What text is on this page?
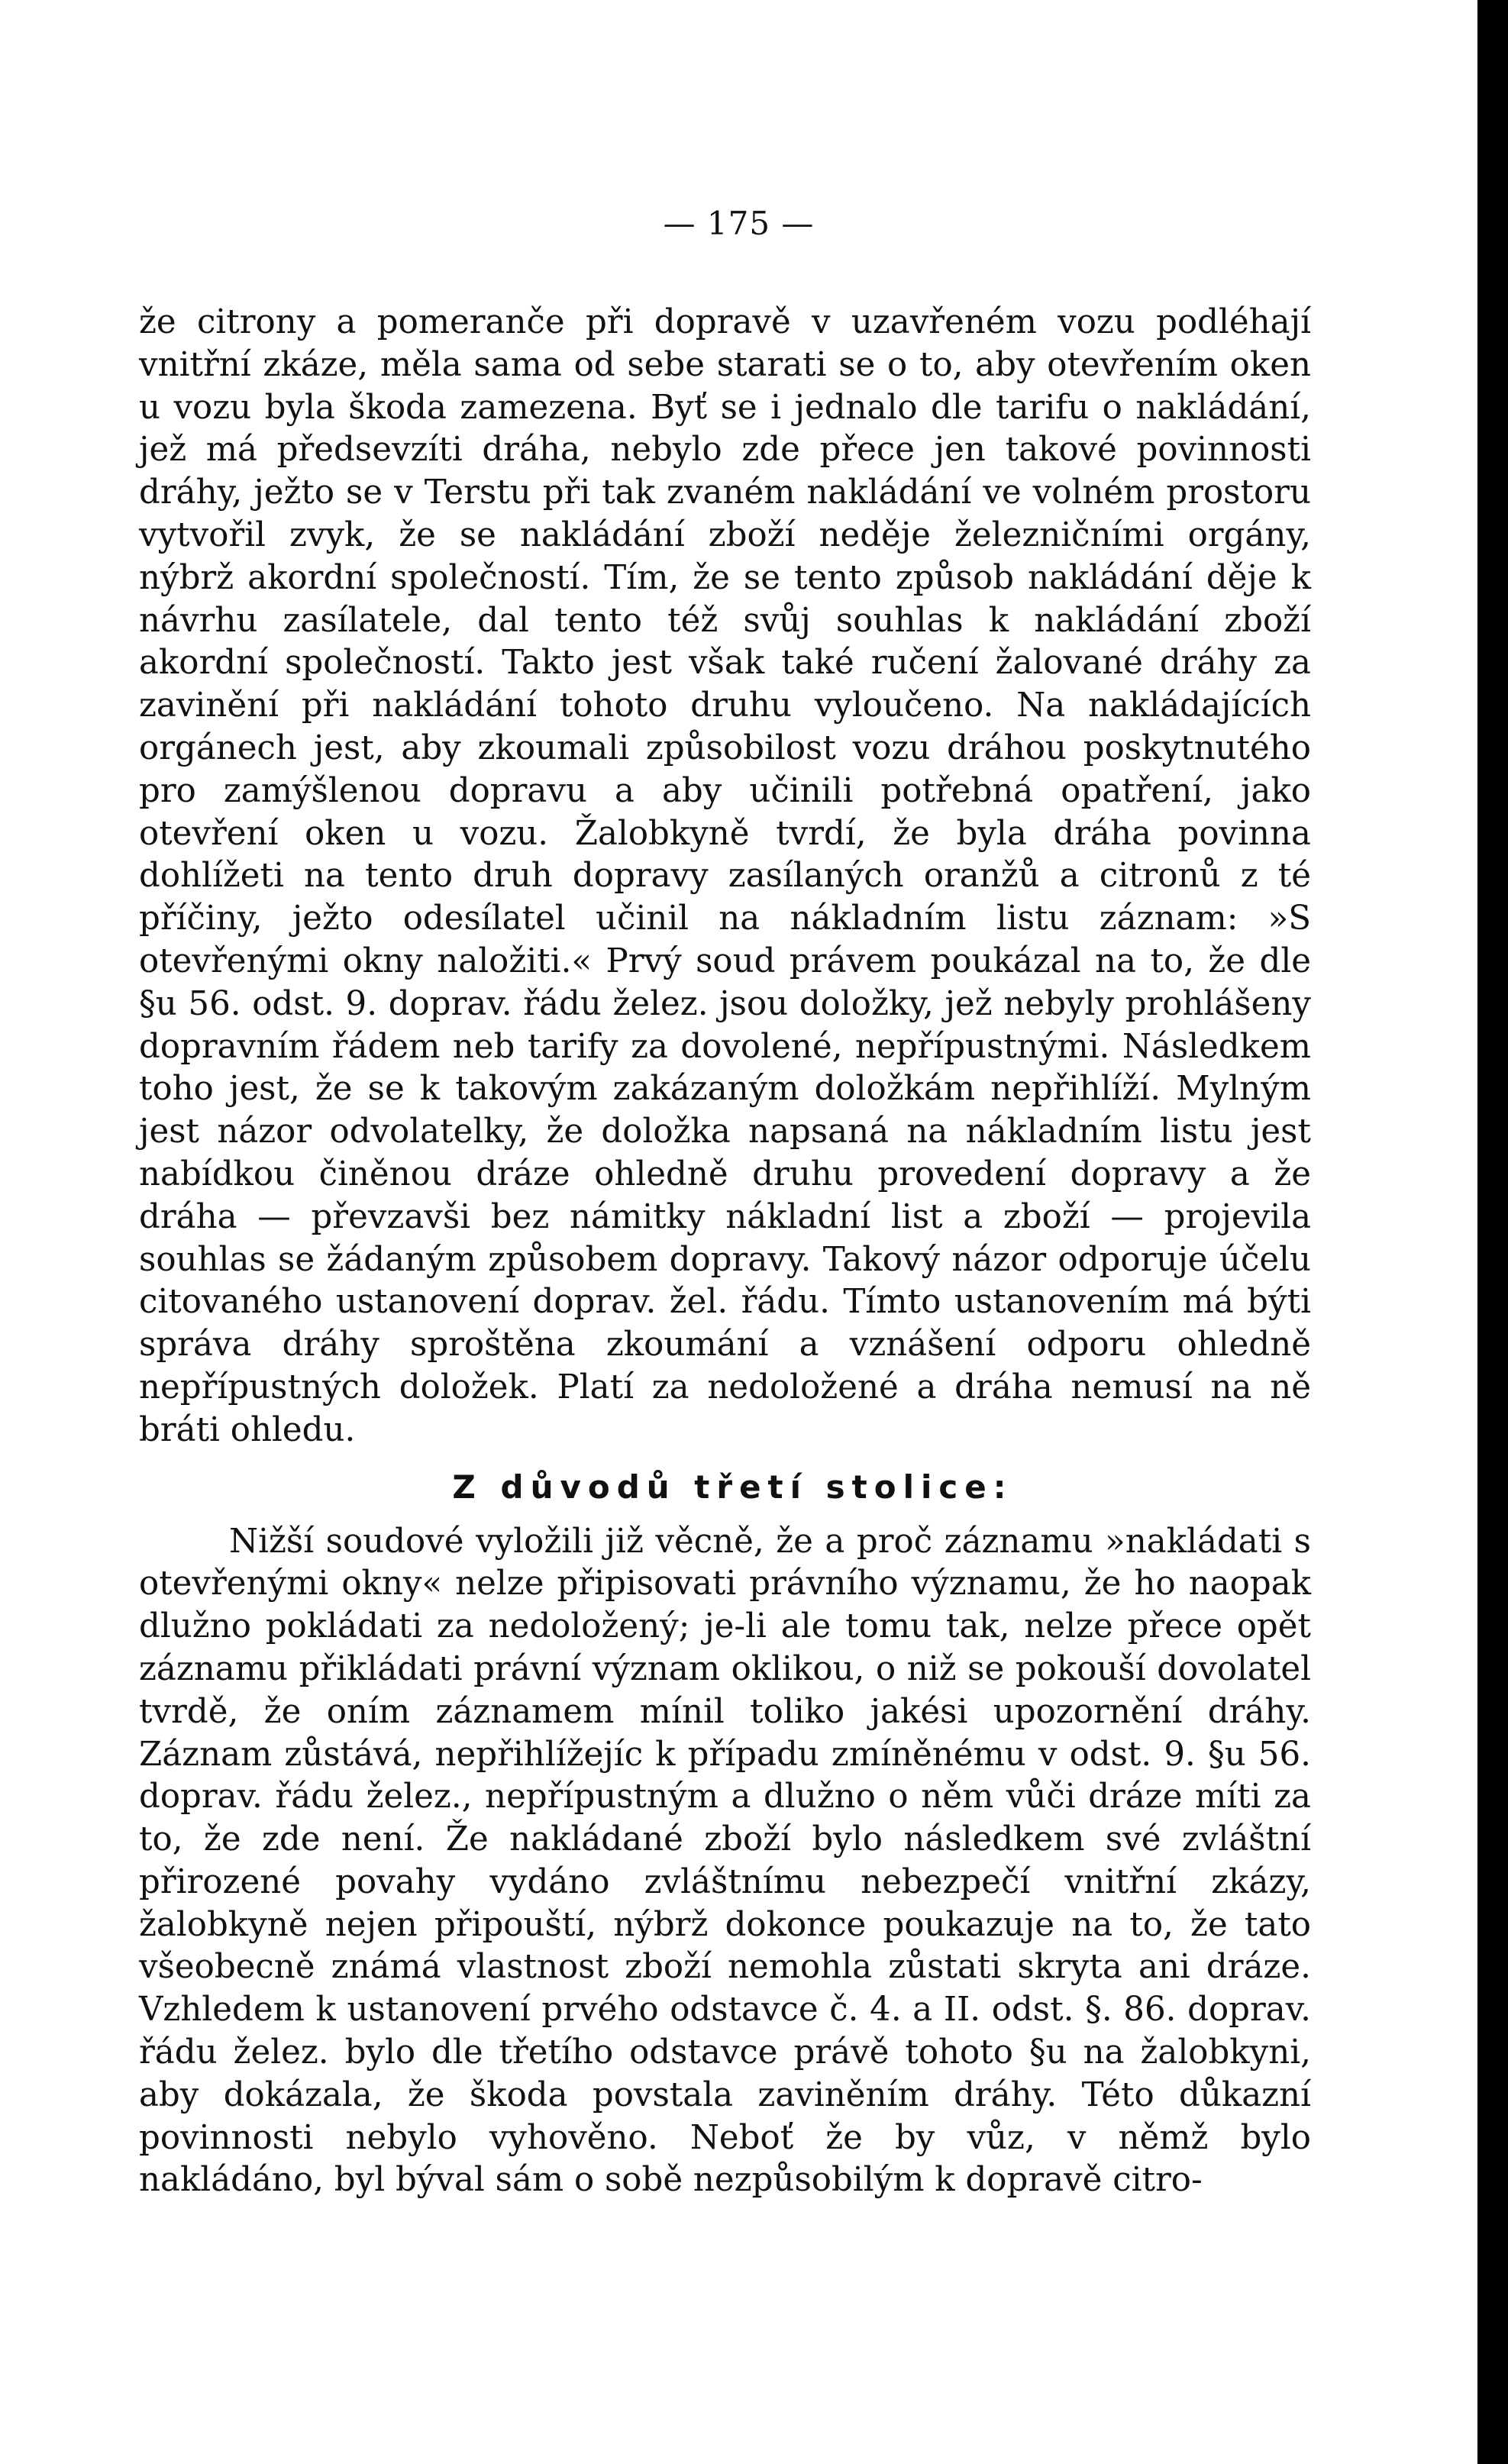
— 175 —

že citrony a pomeranče při dopravě v uzavřeném vozu podléhají vnitřní zkáze, měla sama od sebe starati se o to, aby otevřením oken u vozu byla škoda zamezena. Byť se i jednalo dle tarifu o nakládání, jež má předsevzíti dráha, nebylo zde přece jen takové povinnosti dráhy, ježto se v Terstu při tak zvaném nakládání ve volném prostoru vytvořil zvyk, že se nakládání zboží neděje železničními orgány, nýbrž akordní společností. Tím, že se tento způsob nakládání děje k návrhu zasílatele, dal tento též svůj souhlas k nakládání zboží akordní společností. Takto jest však také ručení žalované dráhy za zavinění při nakládání tohoto druhu vyloučeno. Na nakládajících orgánech jest, aby zkoumali způsobilost vozu dráhou poskytnutého pro zamýšlenou dopravu a aby učinili potřebná opatření, jako otevření oken u vozu. Žalobkyně tvrdí, že byla dráha povinna dohlížeti na tento druh dopravy zasílaných oranžů a citronů z té příčiny, ježto odesílatel učinil na nákladním listu záznam: »S otevřenými okny naložiti.« Prvý soud právem poukázal na to, že dle §u 56. odst. 9. doprav. řádu želez. jsou doložky, jež nebyly prohlášeny dopravním řádem neb tarify za dovolené, nepřípustnými. Následkem toho jest, že se k takovým zakázaným doložkám nepřihlíží. Mylným jest názor odvolatelky, že doložka napsaná na nákladním listu jest nabídkou činěnou dráze ohledně druhu provedení dopravy a že dráha — převzavši bez námitky nákladní list a zboží — projevila souhlas se žádaným způsobem dopravy. Takový názor odporuje účelu citovaného ustanovení doprav. žel. řádu. Tímto ustanovením má býti správa dráhy sproštěna zkoumání a vznášení odporu ohledně nepřípustných doložek. Platí za nedoložené a dráha nemusí na ně bráti ohledu.

Z důvodů třetí stolice:

Nižší soudové vyložili již věcně, že a proč záznamu »nakládati s otevřenými okny« nelze připisovati právního významu, že ho naopak dlužno pokládati za nedoložený; je-li ale tomu tak, nelze přece opět záznamu přikládati právní význam oklikou, o niž se pokouší dovolatel tvrdě, že oním záznamem mínil toliko jakési upozornění dráhy. Záznam zůstává, nepřihlížejíc k případu zmíněnému v odst. 9. §u 56. doprav. řádu želez., nepřípustným a dlužno o něm vůči dráze míti za to, že zde není. Že nakládané zboží bylo následkem své zvláštní přirozené povahy vydáno zvláštnímu nebezpečí vnitřní zkázy, žalobkyně nejen připouští, nýbrž dokonce poukazuje na to, že tato všeobecně známá vlastnost zboží nemohla zůstati skryta ani dráze. Vzhledem k ustanovení prvého odstavce č. 4. a II. odst. §. 86. doprav. řádu želez. bylo dle třetího odstavce právě tohoto §u na žalobkyni, aby dokázala, že škoda povstala zaviněním dráhy. Této důkazní povinnosti nebylo vyhověno. Neboť že by vůz, v němž bylo nakládáno, byl býval sám o sobě nezpůsobilým k dopravě citro-
